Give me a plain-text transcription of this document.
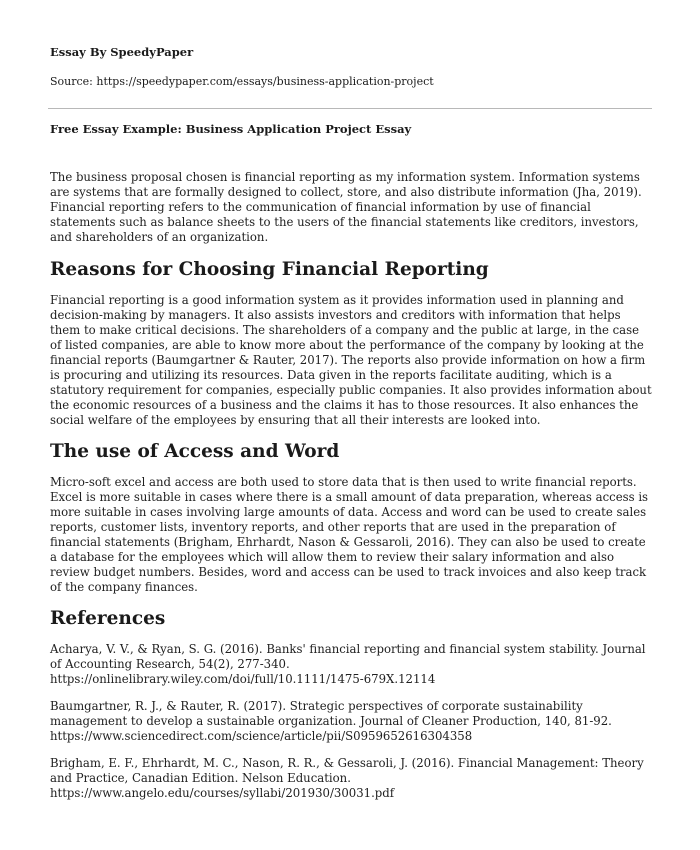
Essay By SpeedyPaper
Source: https://speedypaper.com/essays/business-application-project
Free Essay Example: Business Application Project Essay

The business proposal chosen is financial reporting as my information system. Information systems are systems that are formally designed to collect, store, and also distribute information (Jha, 2019). Financial reporting refers to the communication of financial information by use of financial statements such as balance sheets to the users of the financial statements like creditors, investors, and shareholders of an organization.

Reasons for Choosing Financial Reporting

Financial reporting is a good information system as it provides information used in planning and decision-making by managers. It also assists investors and creditors with information that helps them to make critical decisions. The shareholders of a company and the public at large, in the case of listed companies, are able to know more about the performance of the company by looking at the financial reports (Baumgartner & Rauter, 2017). The reports also provide information on how a firm is procuring and utilizing its resources. Data given in the reports facilitate auditing, which is a statutory requirement for companies, especially public companies. It also provides information about the economic resources of a business and the claims it has to those resources. It also enhances the social welfare of the employees by ensuring that all their interests are looked into.

The use of Access and Word

Micro-soft excel and access are both used to store data that is then used to write financial reports. Excel is more suitable in cases where there is a small amount of data preparation, whereas access is more suitable in cases involving large amounts of data. Access and word can be used to create sales reports, customer lists, inventory reports, and other reports that are used in the preparation of financial statements (Brigham, Ehrhardt, Nason & Gessaroli, 2016). They can also be used to create a database for the employees which will allow them to review their salary information and also review budget numbers. Besides, word and access can be used to track invoices and also keep track of the company finances.

References

Acharya, V. V., & Ryan, S. G. (2016). Banks' financial reporting and financial system stability. Journal of Accounting Research, 54(2), 277-340.
https://onlinelibrary.wiley.com/doi/full/10.1111/1475-679X.12114

Baumgartner, R. J., & Rauter, R. (2017). Strategic perspectives of corporate sustainability management to develop a sustainable organization. Journal of Cleaner Production, 140, 81-92.
https://www.sciencedirect.com/science/article/pii/S0959652616304358

Brigham, E. F., Ehrhardt, M. C., Nason, R. R., & Gessaroli, J. (2016). Financial Management: Theory and Practice, Canadian Edition. Nelson Education.
https://www.angelo.edu/courses/syllabi/201930/30031.pdf
